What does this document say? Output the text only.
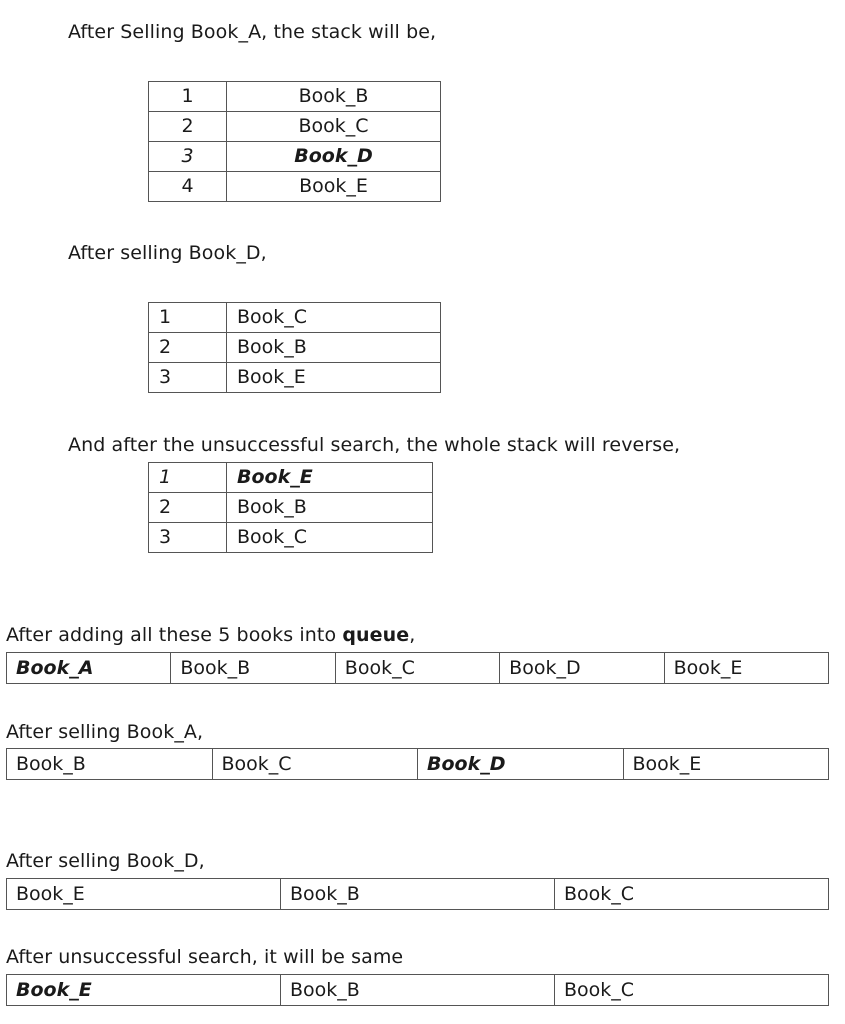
After Selling Book_A, the stack will be,
1	Book_B
2	Book_C
3	Book_D
4	Book_E
After selling Book_D,
1	Book_C
2	Book_B
3	Book_E
And after the unsuccessful search, the whole stack will reverse,
1	Book_E
2	Book_B
3	Book_C
After adding all these 5 books into queue,
Book_A	Book_B	Book_C	Book_D	Book_E
After selling Book_A,
Book_B	Book_C	Book_D	Book_E
After selling Book_D,
Book_E	Book_B	Book_C
After unsuccessful search, it will be same
Book_E	Book_B	Book_C
